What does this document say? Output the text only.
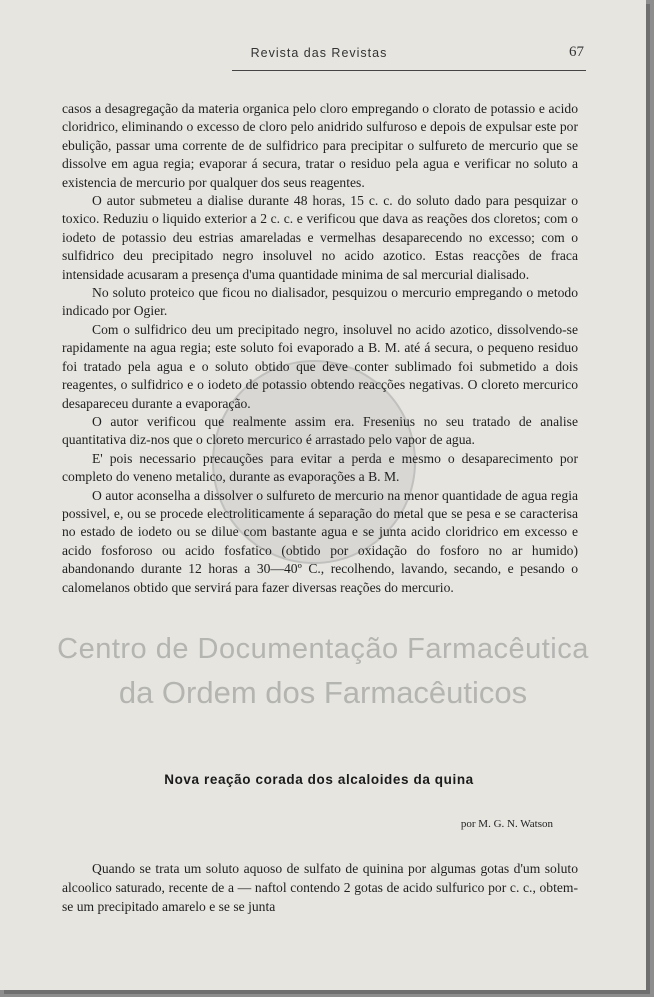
Revista das Revistas	67

casos a desagregação da materia organica pelo cloro empregando o clorato de potassio e acido cloridrico, eliminando o excesso de cloro pelo anidrido sulfuroso e depois de expulsar este por ebulição, passar uma corrente de de sulfidrico para precipitar o sulfureto de mercurio que se dissolve em agua regia; evaporar á secura, tratar o residuo pela agua e verificar no soluto a existencia de mercurio por qualquer dos seus reagentes.

O autor submeteu a dialise durante 48 horas, 15 c. c. do soluto dado para pesquizar o toxico. Reduziu o liquido exterior a 2 c. c. e verificou que dava as reações dos cloretos; com o iodeto de potassio deu estrias amareladas e vermelhas desaparecendo no excesso; com o sulfidrico deu precipitado negro insoluvel no acido azotico. Estas reacções de fraca intensidade acusaram a presença d'uma quantidade minima de sal mercurial dialisado.

No soluto proteico que ficou no dialisador, pesquizou o mercurio empregando o metodo indicado por Ogier.

Com o sulfidrico deu um precipitado negro, insoluvel no acido azotico, dissolvendo-se rapidamente na agua regia; este soluto foi evaporado a B. M. até á secura, o pequeno residuo foi tratado pela agua e o soluto obtido que deve conter sublimado foi submetido a dois reagentes, o sulfidrico e o iodeto de potassio obtendo reacções negativas. O cloreto mercurico desapareceu durante a evaporação.

O autor verificou que realmente assim era. Fresenius no seu tratado de analise quantitativa diz-nos que o cloreto mercurico é arrastado pelo vapor de agua.

E' pois necessario precauções para evitar a perda e mesmo o desaparecimento por completo do veneno metalico, durante as evaporações a B. M.

O autor aconselha a dissolver o sulfureto de mercurio na menor quantidade de agua regia possivel, e, ou se procede electroliticamente á separação do metal que se pesa e se caracterisa no estado de iodeto ou se dilue com bastante agua e se junta acido cloridrico em excesso e acido fosforoso ou acido fosfatico (obtido por oxidação do fosforo no ar humido) abandonando durante 12 horas a 30—40º C., recolhendo, lavando, secando, e pesando o calomelanos obtido que servirá para fazer diversas reações do mercurio.

Centro de Documentação Farmacêutica
da Ordem dos Farmacêuticos
Nova reação corada dos alcaloides da quina
por M. G. N. Watson
Quando se trata um soluto aquoso de sulfato de quinina por algumas gotas d'um soluto alcoolico saturado, recente de a — naftol contendo 2 gotas de acido sulfurico por c. c., obtem-se um precipitado amarelo e se se junta
